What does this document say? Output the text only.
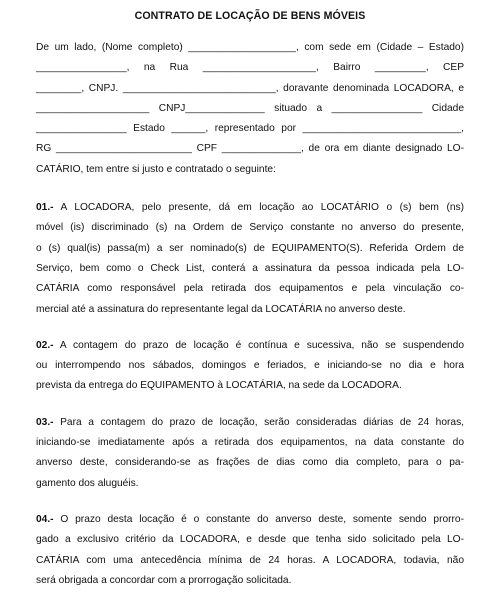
CONTRATO DE LOCAÇÃO DE BENS MÓVEIS
De um lado, (Nome completo) ___________________, com sede em (Cidade – Estado)
________________, na Rua ____________________, Bairro _________, CEP
________, CNPJ. ___________________________, doravante denominada LOCADORA, e
____________________ CNPJ______________ situado a ________________ Cidade
________________ Estado ______, representado por ____________________________,
RG ________________________ CPF ______________, de ora em diante designado LO-
CATÁRIO, tem entre si justo e contratado o seguinte:
01.- A LOCADORA, pelo presente, dá em locação ao LOCATÁRIO o (s) bem (ns)
móvel (is) discriminado (s) na Ordem de Serviço constante no anverso do presente,
o (s) qual(is) passa(m) a ser nominado(s) de EQUIPAMENTO(S). Referida Ordem de
Serviço, bem como o Check List, conterá a assinatura da pessoa indicada pela LO-
CATÁRIA como responsável pela retirada dos equipamentos e pela vinculação co-
mercial até a assinatura do representante legal da LOCATÁRIA no anverso deste.
02.- A contagem do prazo de locação é contínua e sucessiva, não se suspendendo
ou interrompendo nos sábados, domingos e feriados, e iniciando-se no dia e hora
prevista da entrega do EQUIPAMENTO à LOCATÁRIA, na sede da LOCADORA.
03.- Para a contagem do prazo de locação, serão consideradas diárias de 24 horas,
iniciando-se imediatamente após a retirada dos equipamentos, na data constante do
anverso deste, considerando-se as frações de dias como dia completo, para o pa-
gamento dos aluguéis.
04.- O prazo desta locação é o constante do anverso deste, somente sendo prorro-
gado a exclusivo critério da LOCADORA, e desde que tenha sido solicitado pela LO-
CATÁRIA com uma antecedência mínima de 24 horas. A LOCADORA, todavia, não
será obrigada a concordar com a prorrogação solicitada.
